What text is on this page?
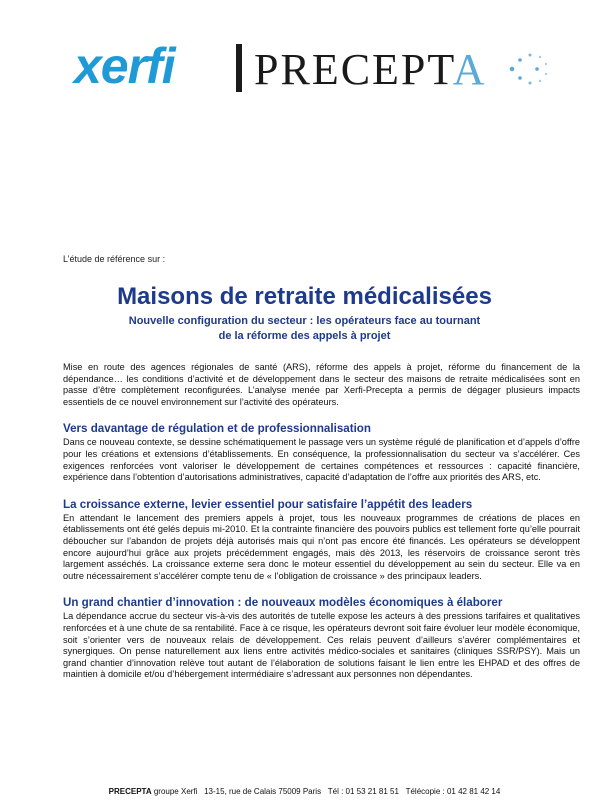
xerfi PRECEPTA
L’étude de référence sur :
Maisons de retraite médicalisées
Nouvelle configuration du secteur : les opérateurs face au tournant
de la réforme des appels à projet

Mise en route des agences régionales de santé (ARS), réforme des appels à projet, réforme du financement de la dépendance… les conditions d’activité et de développement dans le secteur des maisons de retraite médicalisées sont en passe d’être complètement reconfigurées. L’analyse menée par Xerfi-Precepta a permis de dégager plusieurs impacts essentiels de ce nouvel environnement sur l’activité des opérateurs.

Vers davantage de régulation et de professionnalisation

Dans ce nouveau contexte, se dessine schématiquement le passage vers un système régulé de planification et d’appels d’offre pour les créations et extensions d’établissements. En conséquence, la professionnalisation du secteur va s’accélérer. Ces exigences renforcées vont valoriser le développement de certaines compétences et ressources : capacité financière, expérience dans l’obtention d’autorisations administratives, capacité d’adaptation de l’offre aux priorités des ARS, etc.

La croissance externe, levier essentiel pour satisfaire l’appétit des leaders

En attendant le lancement des premiers appels à projet, tous les nouveaux programmes de créations de places en établissements ont été gelés depuis mi-2010. Et la contrainte financière des pouvoirs publics est tellement forte qu’elle pourrait déboucher sur l’abandon de projets déjà autorisés mais qui n’ont pas encore été financés. Les opérateurs se développent encore aujourd’hui grâce aux projets précédemment engagés, mais dès 2013, les réservoirs de croissance seront très largement asséchés. La croissance externe sera donc le moteur essentiel du développement au sein du secteur. Elle va en outre nécessairement s’accélérer compte tenu de « l’obligation de croissance » des principaux leaders.

Un grand chantier d’innovation : de nouveaux modèles économiques à élaborer

La dépendance accrue du secteur vis-à-vis des autorités de tutelle expose les acteurs à des pressions tarifaires et qualitatives renforcées et à une chute de sa rentabilité. Face à ce risque, les opérateurs devront soit faire évoluer leur modèle économique, soit s’orienter vers de nouveaux relais de développement. Ces relais peuvent d’ailleurs s’avérer complémentaires et synergiques. On pense naturellement aux liens entre activités médico-sociales et sanitaires (cliniques SSR/PSY). Mais un grand chantier d’innovation relève tout autant de l’élaboration de solutions faisant le lien entre les EHPAD et des offres de maintien à domicile et/ou d’hébergement intermédiaire s’adressant aux personnes non dépendantes.

PRECEPTA groupe Xerfi 13-15, rue de Calais 75009 Paris Tél : 01 53 21 81 51 Télécopie : 01 42 81 42 14
